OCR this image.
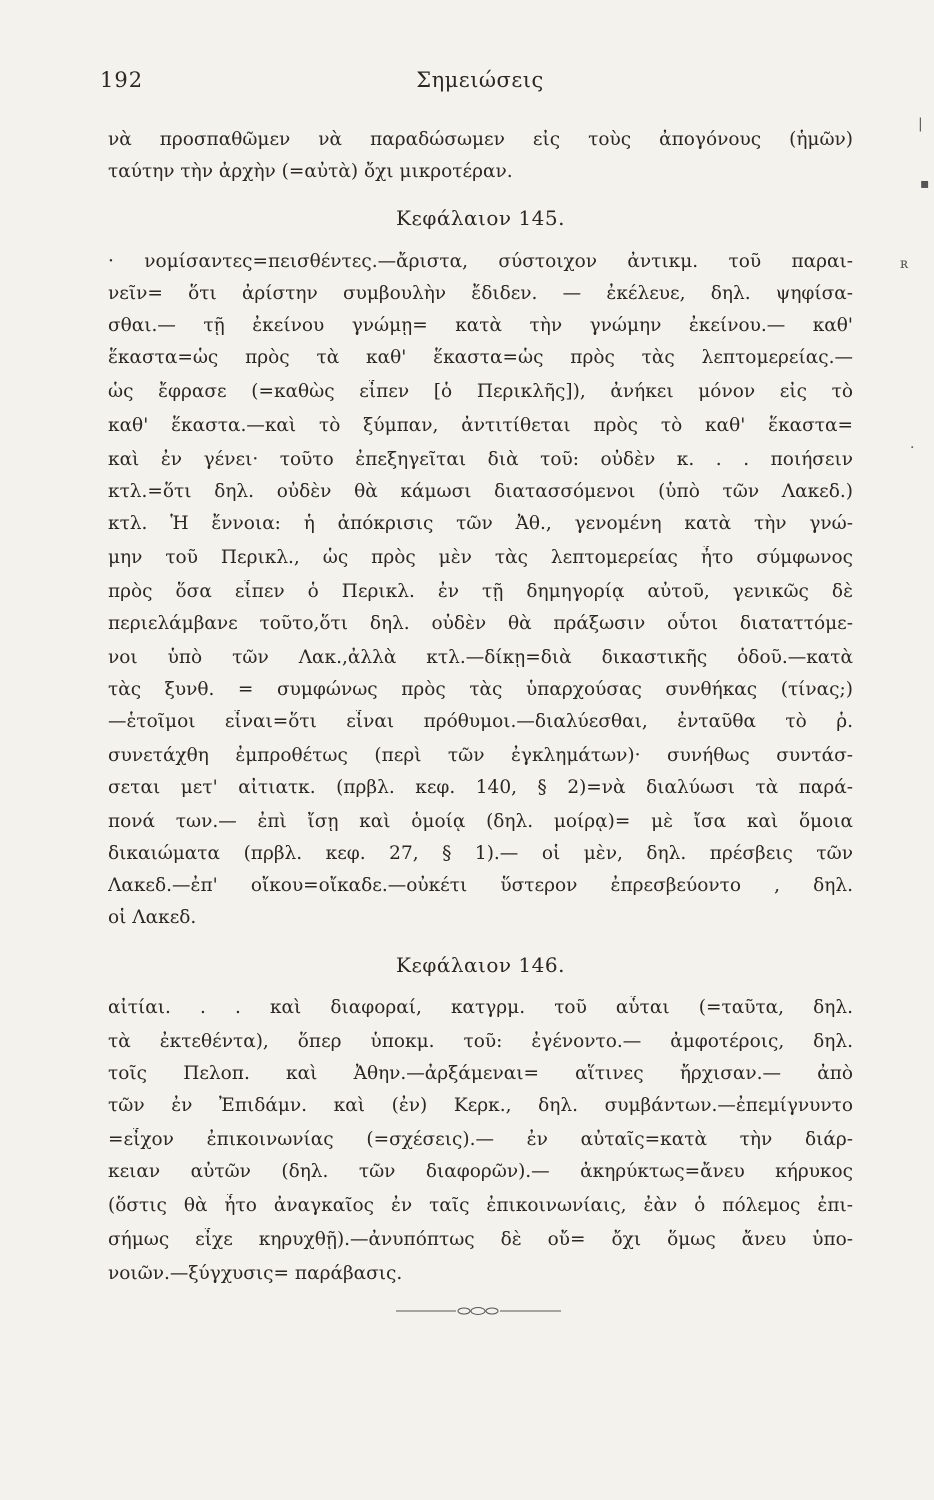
192	Σημειώσεις
νὰ προσπαθῶμεν νὰ παραδώσωμεν εἰς τοὺς ἀπογόνους (ἡμῶν)
ταύτην τὴν ἀρχὴν (=αὐτὰ) ὄχι μικροτέραν.
Κεφάλαιον 145.
· νομίσαντες=πεισθέντες.—ἄριστα, σύστοιχον ἀντικμ. τοῦ παραι-
νεῖν= ὅτι ἀρίστην συμβουλὴν ἔδιδεν. — ἐκέλευε, δηλ. ψηφίσα-
σθαι.— τῇ ἐκείνου γνώμῃ= κατὰ τὴν γνώμην ἐκείνου.— καθ'
ἕκαστα=ὡς πρὸς τὰ καθ' ἕκαστα=ὡς πρὸς τὰς λεπτομερείας.—
ὡς ἔφρασε (=καθὼς εἶπεν [ὁ Περικλῆς]), ἀνήκει μόνον εἰς τὸ
καθ' ἕκαστα.—καὶ τὸ ξύμπαν, ἀντιτίθεται πρὸς τὸ καθ' ἕκαστα=
καὶ ἐν γένει· τοῦτο ἐπεξηγεῖται διὰ τοῦ: οὐδὲν κ. . . ποιήσειν
κτλ.=ὅτι δηλ. οὐδὲν θὰ κάμωσι διατασσόμενοι (ὑπὸ τῶν Λακεδ.)
κτλ. Ἡ ἔννοια: ἡ ἀπόκρισις τῶν Ἀθ., γενομένη κατὰ τὴν γνώ-
μην τοῦ Περικλ., ὡς πρὸς μὲν τὰς λεπτομερείας ἦτο σύμφωνος
πρὸς ὅσα εἶπεν ὁ Περικλ. ἐν τῇ δημηγορίᾳ αὐτοῦ, γενικῶς δὲ
περιελάμβανε τοῦτο,ὅτι δηλ. οὐδὲν θὰ πράξωσιν οὗτοι διαταττόμε-
νοι ὑπὸ τῶν Λακ.,ἀλλὰ κτλ.—δίκῃ=διὰ δικαστικῆς ὁδοῦ.—κατὰ
τὰς ξυνθ. = συμφώνως πρὸς τὰς ὑπαρχούσας συνθήκας (τίνας;)
—ἑτοῖμοι εἶναι=ὅτι εἶναι πρόθυμοι.—διαλύεσθαι, ἐνταῦθα τὸ ῥ.
συνετάχθη ἐμπροθέτως (περὶ τῶν ἐγκλημάτων)· συνήθως συντάσ-
σεται μετ' αἰτιατκ. (πρβλ. κεφ. 140, § 2)=νὰ διαλύωσι τὰ παρά-
πονά των.— ἐπὶ ἴσῃ καὶ ὁμοίᾳ (δηλ. μοίρᾳ)= μὲ ἴσα καὶ ὅμοια
δικαιώματα (πρβλ. κεφ. 27, § 1).— οἱ μὲν, δηλ. πρέσβεις τῶν
Λακεδ.—ἐπ' οἴκου=οἴκαδε.—οὐκέτι ὕστερον ἐπρεσβεύοντο , δηλ.
οἱ Λακεδ.
Κεφάλαιον 146.
αἰτίαι. . . καὶ διαφοραί, κατγρμ. τοῦ αὗται (=ταῦτα, δηλ.
τὰ ἐκτεθέντα), ὅπερ ὑποκμ. τοῦ: ἐγένοντο.— ἀμφοτέροις, δηλ.
τοῖς Πελοπ. καὶ Ἀθην.—ἀρξάμεναι= αἵτινες ἤρχισαν.— ἀπὸ
τῶν ἐν Ἐπιδάμν. καὶ (ἐν) Κερκ., δηλ. συμβάντων.—ἐπεμίγνυντο
=εἶχον ἐπικοινωνίας (=σχέσεις).— ἐν αὐταῖς=κατὰ τὴν διάρ-
κειαν αὐτῶν (δηλ. τῶν διαφορῶν).— ἀκηρύκτως=ἄνευ κήρυκος
(ὅστις θὰ ἦτο ἀναγκαῖος ἐν ταῖς ἐπικοινωνίαις, ἐὰν ὁ πόλεμος ἐπι-
σήμως εἶχε κηρυχθῇ).—ἀνυπόπτως δὲ οὔ= ὄχι ὅμως ἄνευ ὑπο-
νοιῶν.—ξύγχυσις= παράβασις.
|
▪
ʀ
·
